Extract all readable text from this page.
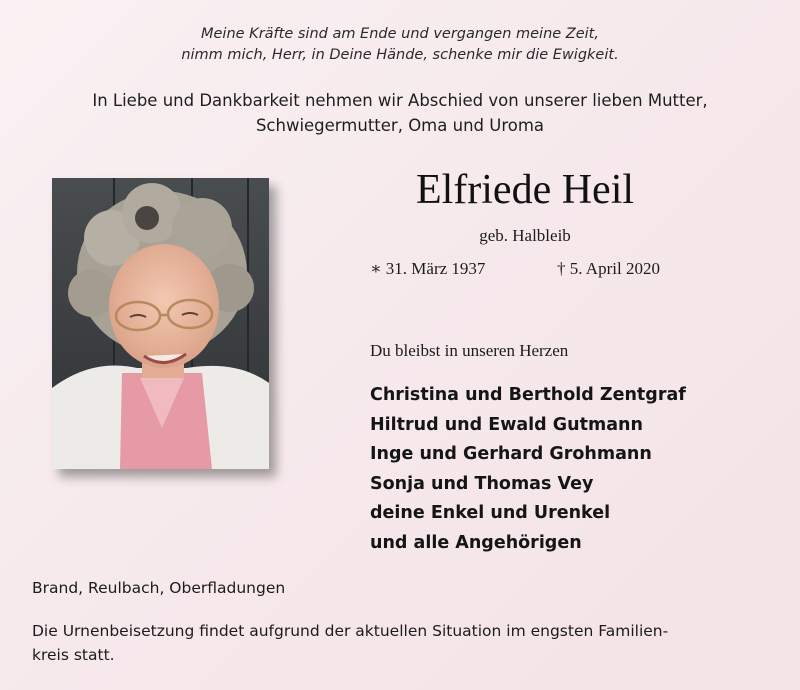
Meine Kräfte sind am Ende und vergangen meine Zeit,
nimm mich, Herr, in Deine Hände, schenke mir die Ewigkeit.
In Liebe und Dankbarkeit nehmen wir Abschied von unserer lieben Mutter,
Schwiegermutter, Oma und Uroma
Elfriede Heil
geb. Halbleib
∗ 31. März 1937	† 5. April 2020
Du bleibst in unseren Herzen
Christina und Berthold Zentgraf
Hiltrud und Ewald Gutmann
Inge und Gerhard Grohmann
Sonja und Thomas Vey
deine Enkel und Urenkel
und alle Angehörigen
Brand, Reulbach, Oberfladungen
Die Urnenbeisetzung findet aufgrund der aktuellen Situation im engsten Familien-
kreis statt.
